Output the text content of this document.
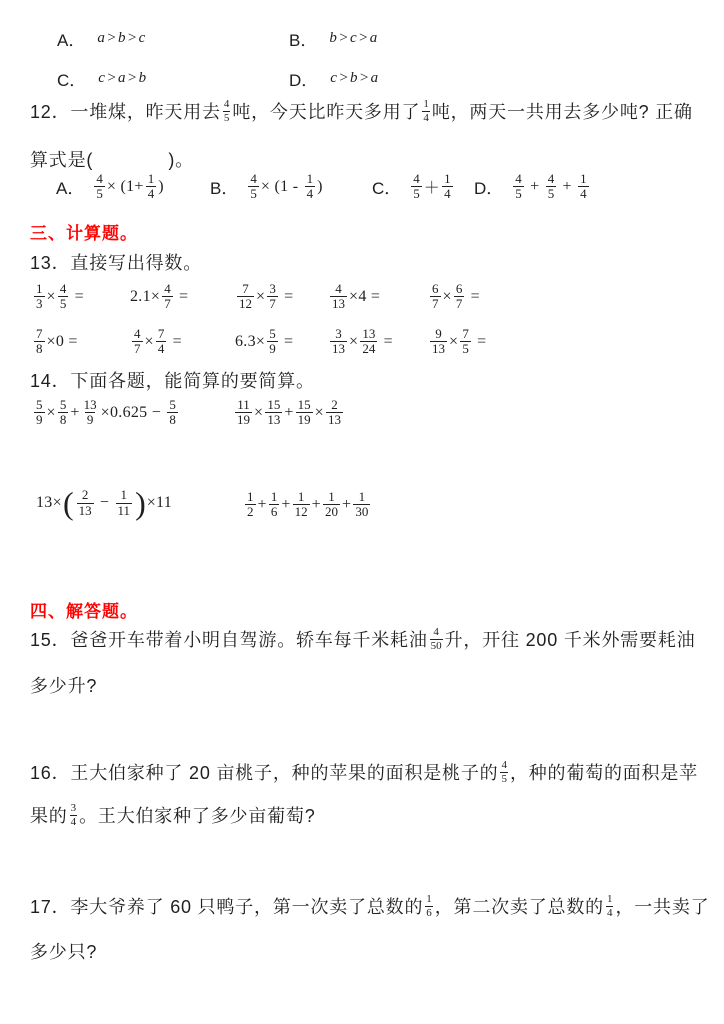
A． a>b>c	B． b>c>a
C． c>a>b	D． c>b>a
12．一堆煤，昨天用去 $\frac{4}{5}$ 吨，今天比昨天多用了 $\frac{1}{4}$ 吨，两天一共用去多少吨? 正确
算式是(　　　　)。
A． $\frac{4}{5} \times (1+ \frac{1}{4}$ )	B． $\frac{4}{5} \times (1 - \frac{1}{4}$ )	C． $\frac{4}{5} + \frac{1}{4}$ D． $\frac{4}{5} + \frac{4}{5} + \frac{1}{4}$
三、计算题。
13．直接写出得数。
$\frac{1}{3} \times \frac{4}{5}$ =	$2.1\times \frac{4}{7}$ =	$\frac{7}{12} \times \frac{3}{7}$ =	$\frac{4}{13} \times 4$ =	$\frac{6}{7} \times \frac{6}{7}$ =
$\frac{7}{8} \times 0$ =	$\frac{4}{7} \times \frac{7}{4}$ =	$6.3\times \frac{5}{9}$ =	$\frac{3}{13} \times \frac{13}{24}$ =	$\frac{9}{13} \times \frac{7}{5}$ =
14．下面各题，能简算的要简算。
$\frac{5}{9} \times \frac{5}{8} + \frac{13}{9} \times 0.625 - \frac{5}{8}$	$\frac{11}{19} \times \frac{15}{13} + \frac{15}{19} \times \frac{2}{13}$
13× ( $\frac{2}{13} - \frac{1}{11}$ ) ×11	$\frac{1}{2} + \frac{1}{6} + \frac{1}{12} + \frac{1}{20} + \frac{1}{30}$
四、解答题。
15．爸爸开车带着小明自驾游。轿车每千米耗油 $\frac{4}{50}$ 升，开往 200 千米外需要耗油
多少升?
16．王大伯家种了 20 亩桃子，种的苹果的面积是桃子的 $\frac{4}{5}$ ，种的葡萄的面积是苹
果的 $\frac{3}{4}$ 。王大伯家种了多少亩葡萄?
17．李大爷养了 60 只鸭子，第一次卖了总数的 $\frac{1}{6}$ ，第二次卖了总数的 $\frac{1}{4}$ ，一共卖了
多少只?
